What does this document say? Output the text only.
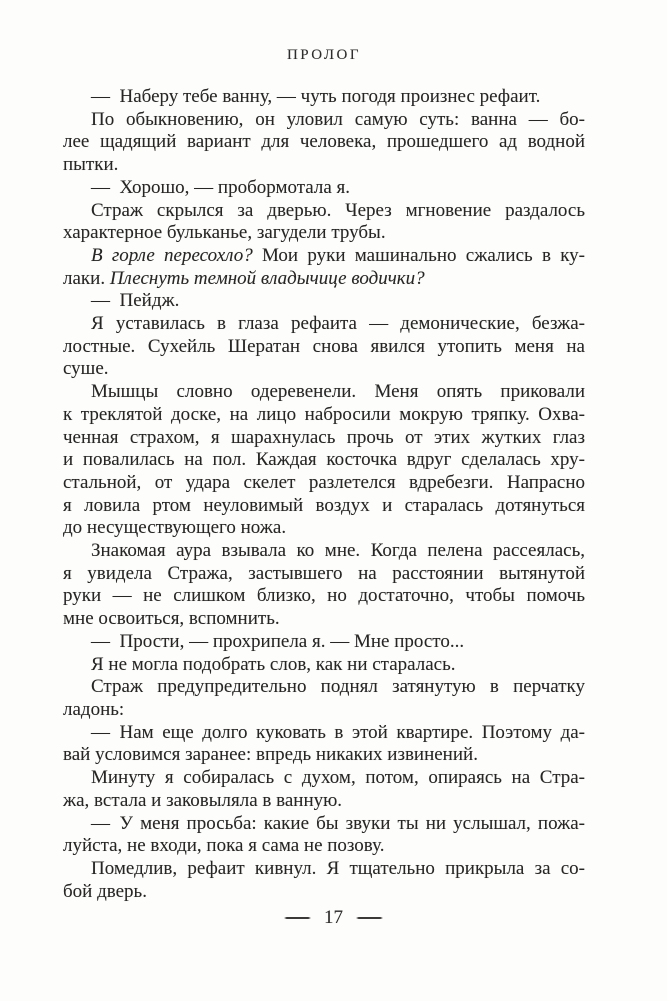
ПРОЛОГ
— Наберу тебе ванну, — чуть погодя произнес рефаит.
По обыкновению, он уловил самую суть: ванна — бо-
лее щадящий вариант для человека, прошедшего ад водной
пытки.
— Хорошо, — пробормотала я.
Страж скрылся за дверью. Через мгновение раздалось
характерное бульканье, загудели трубы.
В горле пересохло? Мои руки машинально сжались в ку-
лаки. Плеснуть темной владычице водички?
— Пейдж.
Я уставилась в глаза рефаита — демонические, безжа-
лостные. Сухейль Шератан снова явился утопить меня на
суше.
Мышцы словно одеревенели. Меня опять приковали
к треклятой доске, на лицо набросили мокрую тряпку. Охва-
ченная страхом, я шарахнулась прочь от этих жутких глаз
и повалилась на пол. Каждая косточка вдруг сделалась хру-
стальной, от удара скелет разлетелся вдребезги. Напрасно
я ловила ртом неуловимый воздух и старалась дотянуться
до несуществующего ножа.
Знакомая аура взывала ко мне. Когда пелена рассеялась,
я увидела Стража, застывшего на расстоянии вытянутой
руки — не слишком близко, но достаточно, чтобы помочь
мне освоиться, вспомнить.
— Прости, — прохрипела я. — Мне просто...
Я не могла подобрать слов, как ни старалась.
Страж предупредительно поднял затянутую в перчатку
ладонь:
— Нам еще долго куковать в этой квартире. Поэтому да-
вай условимся заранее: впредь никаких извинений.
Минуту я собиралась с духом, потом, опираясь на Стра-
жа, встала и заковыляла в ванную.
— У меня просьба: какие бы звуки ты ни услышал, пожа-
луйста, не входи, пока я сама не позову.
Помедлив, рефаит кивнул. Я тщательно прикрыла за со-
бой дверь.
17
